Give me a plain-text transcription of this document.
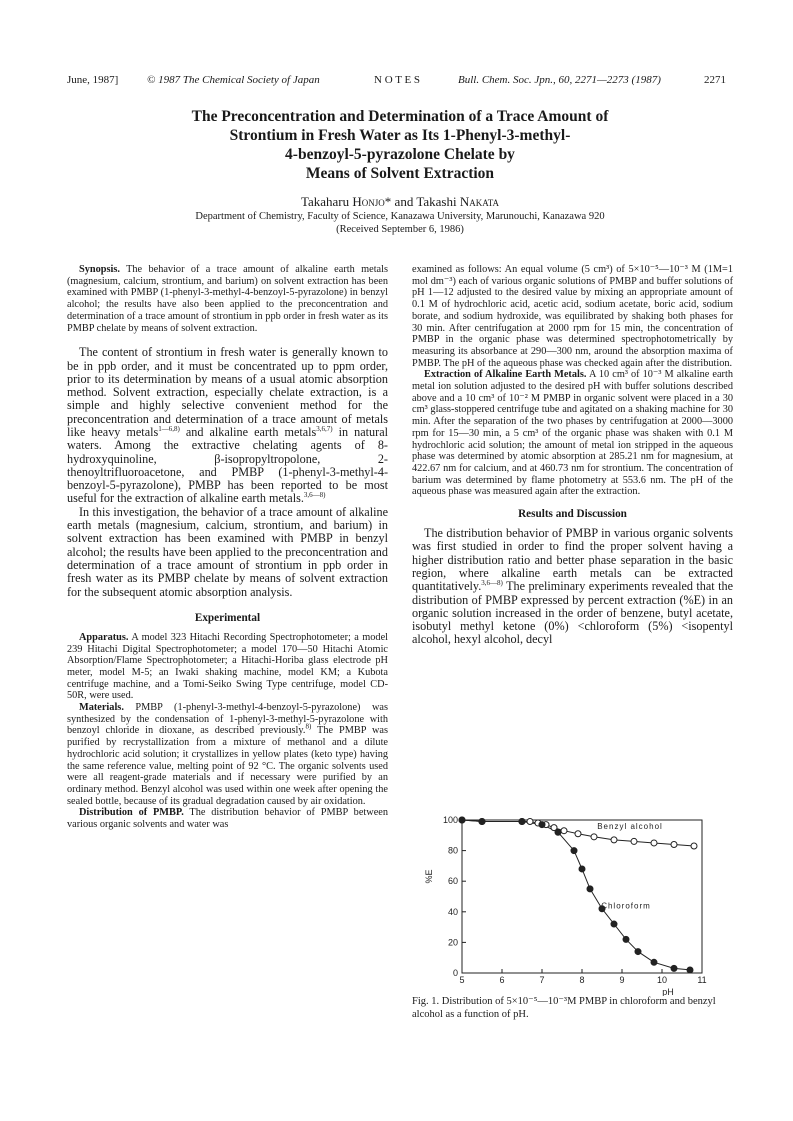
June, 1987]	© 1987 The Chemical Society of Japan	N O T E S	Bull. Chem. Soc. Jpn., 60, 2271—2273 (1987)	2271
The Preconcentration and Determination of a Trace Amount of
Strontium in Fresh Water as Its 1-Phenyl-3-methyl-
4-benzoyl-5-pyrazolone Chelate by
Means of Solvent Extraction
Takaharu Honjo* and Takashi Nakata
Department of Chemistry, Faculty of Science, Kanazawa University, Marunouchi, Kanazawa 920
(Received September 6, 1986)

Synopsis. The behavior of a trace amount of alkaline earth metals (magnesium, calcium, strontium, and barium) on solvent extraction has been examined with PMBP (1-phenyl-3-methyl-4-benzoyl-5-pyrazolone) in benzyl alcohol; the results have also been applied to the preconcentration and determination of a trace amount of strontium in ppb order in fresh water as its PMBP chelate by means of solvent extraction.

The content of strontium in fresh water is generally known to be in ppb order, and it must be concentrated up to ppm order, prior to its determination by means of a usual atomic absorption method. Solvent extraction, especially chelate extraction, is a simple and highly selective convenient method for the preconcentration and determination of a trace amount of metals like heavy metals$^{1—6,8)}$ and alkaline earth metals$^{3,6,7)}$ in natural waters. Among the extractive chelating agents of 8-hydroxyquinoline, β-isopropyltropolone, 2-thenoyltrifluoroacetone, and PMBP (1-phenyl-3-methyl-4-benzoyl-5-pyrazolone), PMBP has been reported to be most useful for the extraction of alkaline earth metals.$^{3,6—8)}$

In this investigation, the behavior of a trace amount of alkaline earth metals (magnesium, calcium, strontium, and barium) in solvent extraction has been examined with PMBP in benzyl alcohol; the results have been applied to the preconcentration and determination of a trace amount of strontium in ppb order in fresh water as its PMBP chelate by means of solvent extraction for the subsequent atomic absorption analysis.

Experimental

Apparatus. A model 323 Hitachi Recording Spectrophotometer; a model 239 Hitachi Digital Spectrophotometer; a model 170—50 Hitachi Atomic Absorption/Flame Spectrophotometer; a Hitachi-Horiba glass electrode pH meter, model M-5; an Iwaki shaking machine, model KM; a Kubota centrifuge machine, and a Tomi-Seiko Swing Type centrifuge, model CD-50R, were used.

Materials. PMBP (1-phenyl-3-methyl-4-benzoyl-5-pyrazolone) was synthesized by the condensation of 1-phenyl-3-methyl-5-pyrazolone with benzoyl chloride in dioxane, as described previously.$^{8)}$ The PMBP was purified by recrystallization from a mixture of methanol and a dilute hydrochloric acid solution; it crystallizes in yellow plates (keto type) having the same reference value, melting point of 92 °C. The organic solvents used were all reagent-grade materials and if necessary were purified by an ordinary method. Benzyl alcohol was used within one week after opening the sealed bottle, because of its gradual degradation caused by air oxidation.

Distribution of PMBP. The distribution behavior of PMBP between various organic solvents and water was

examined as follows: An equal volume (5 cm³) of 5×10⁻⁵—10⁻³ M (1M=1 mol dm⁻³) each of various organic solutions of PMBP and buffer solutions of pH 1—12 adjusted to the desired value by mixing an appropriate amount of 0.1 M of hydrochloric acid, acetic acid, sodium acetate, boric acid, sodium borate, and sodium hydroxide, was equilibrated by shaking both phases for 30 min. After centrifugation at 2000 rpm for 15 min, the concentration of PMBP in the organic phase was determined spectrophotometrically by measuring its absorbance at 290—300 nm, around the absorption maxima of PMBP. The pH of the aqueous phase was checked again after the distribution.

Extraction of Alkaline Earth Metals. A 10 cm³ of 10⁻³ M alkaline earth metal ion solution adjusted to the desired pH with buffer solutions described above and a 10 cm³ of 10⁻² M PMBP in organic solvent were placed in a 30 cm³ glass-stoppered centrifuge tube and agitated on a shaking machine for 30 min. After the separation of the two phases by centrifugation at 2000—3000 rpm for 15—30 min, a 5 cm³ of the organic phase was shaken with 0.1 M hydrochloric acid solution; the amount of metal ion stripped in the aqueous phase was determined by atomic absorption at 285.21 nm for magnesium, at 422.67 nm for calcium, and at 460.73 nm for strontium. The concentration of barium was determined by flame photometry at 553.6 nm. The pH of the aqueous phase was measured again after the extraction.

Results and Discussion

The distribution behavior of PMBP in various organic solvents was first studied in order to find the proper solvent having a higher distribution ratio and better phase separation in the basic region, where alkaline earth metals can be extracted quantitatively.$^{3,6—8)}$ The preliminary experiments revealed that the distribution of PMBP expressed by percent extraction (%E) in an organic solution increased in the order of benzene, butyl acetate, isobutyl methyl ketone (0%) <chloroform (5%) <isopentyl alcohol, hexyl alcohol, decyl

0
20
40
60
80
100
5	6	7	8	9	10	11
pH
%E
Benzyl alcohol
Chloroform
Fig. 1. Distribution of 5×10⁻⁵—10⁻³M PMBP in chloroform and benzyl alcohol as a function of pH.
